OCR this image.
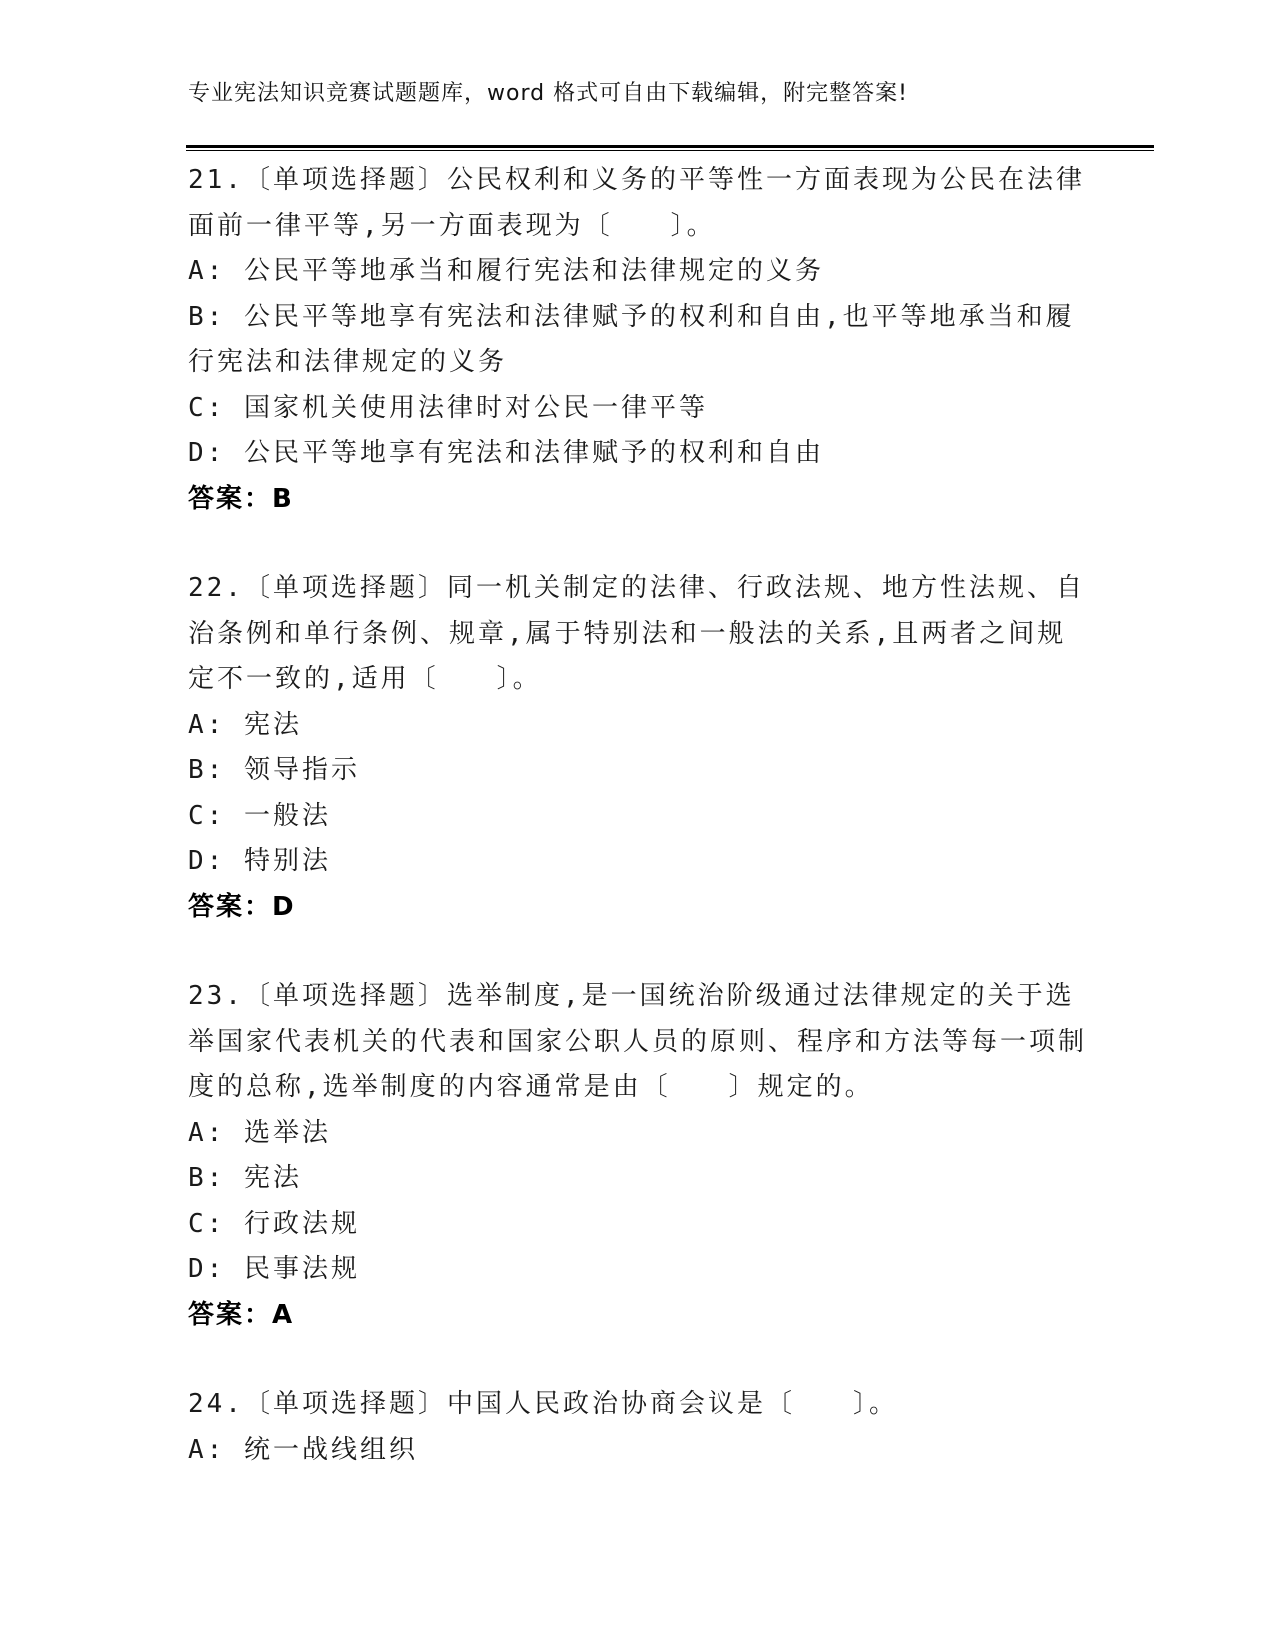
专业宪法知识竞赛试题题库，word 格式可自由下载编辑，附完整答案!

21.〔单项选择题〕公民权利和义务的平等性一方面表现为公民在法律面前一律平等,另一方面表现为〔　　〕。

A: 公民平等地承当和履行宪法和法律规定的义务

B: 公民平等地享有宪法和法律赋予的权利和自由,也平等地承当和履行宪法和法律规定的义务

C: 国家机关使用法律时对公民一律平等

D: 公民平等地享有宪法和法律赋予的权利和自由

答案：B

22.〔单项选择题〕同一机关制定的法律、行政法规、地方性法规、自治条例和单行条例、规章,属于特别法和一般法的关系,且两者之间规定不一致的,适用〔　　〕。

A: 宪法

B: 领导指示

C: 一般法

D: 特别法

答案：D

23.〔单项选择题〕选举制度,是一国统治阶级通过法律规定的关于选举国家代表机关的代表和国家公职人员的原则、程序和方法等每一项制度的总称,选举制度的内容通常是由〔　　〕规定的。

A: 选举法

B: 宪法

C: 行政法规

D: 民事法规

答案：A

24.〔单项选择题〕中国人民政治协商会议是〔　　〕。

A: 统一战线组织
